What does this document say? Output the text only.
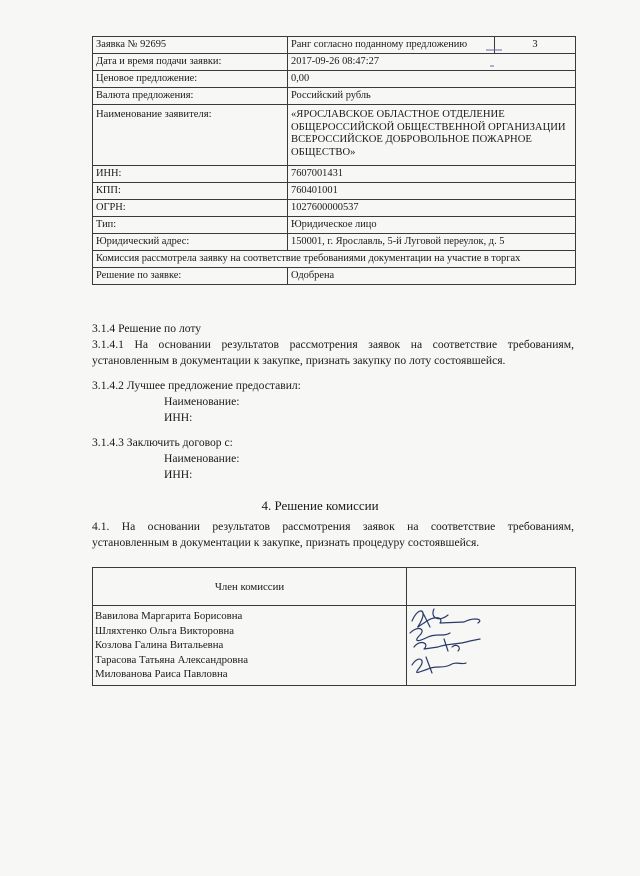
Заявка № 92695	Ранг согласно поданному предложению	3
Дата и время подачи заявки:	2017-09-26 08:47:27	
Ценовое предложение:	0,00	
Валюта предложения:	Российский рубль	
Наименование заявителя:	«ЯРОСЛАВСКОЕ ОБЛАСТНОЕ ОТДЕЛЕНИЕ ОБЩЕРОССИЙСКОЙ ОБЩЕСТВЕННОЙ ОРГАНИЗАЦИИ ВСЕРОССИЙСКОЕ ДОБРОВОЛЬНОЕ ПОЖАРНОЕ ОБЩЕСТВО»	
ИНН:	7607001431	
КПП:	760401001	
ОГРН:	1027600000537	
Тип:	Юридическое лицо	
Юридический адрес:	150001, г. Ярославль, 5-й Луговой переулок, д. 5	
Комиссия рассмотрела заявку на соответствие требованиями документации на участие в торгах		
Решение по заявке:	Одобрена	
3.1.4 Решение по лоту
3.1.4.1 На основании результатов рассмотрения заявок на соответствие требованиям,
установленным в документации к закупке, признать закупку по лоту состоявшейся.
3.1.4.2 Лучшее предложение предоставил:
Наименование:
ИНН:
3.1.4.3 Заключить договор с:
Наименование:
ИНН:
4. Решение комиссии
4.1. На основании результатов рассмотрения заявок на соответствие требованиям,
установленным в документации к закупке, признать процедуру состоявшейся.
Член комиссии	

Вавилова Маргарита Борисовна
Шляхтенко Ольга Викторовна
Козлова Галина Витальевна
Тарасова Татьяна Александровна
Милованова Раиса Павловна	
